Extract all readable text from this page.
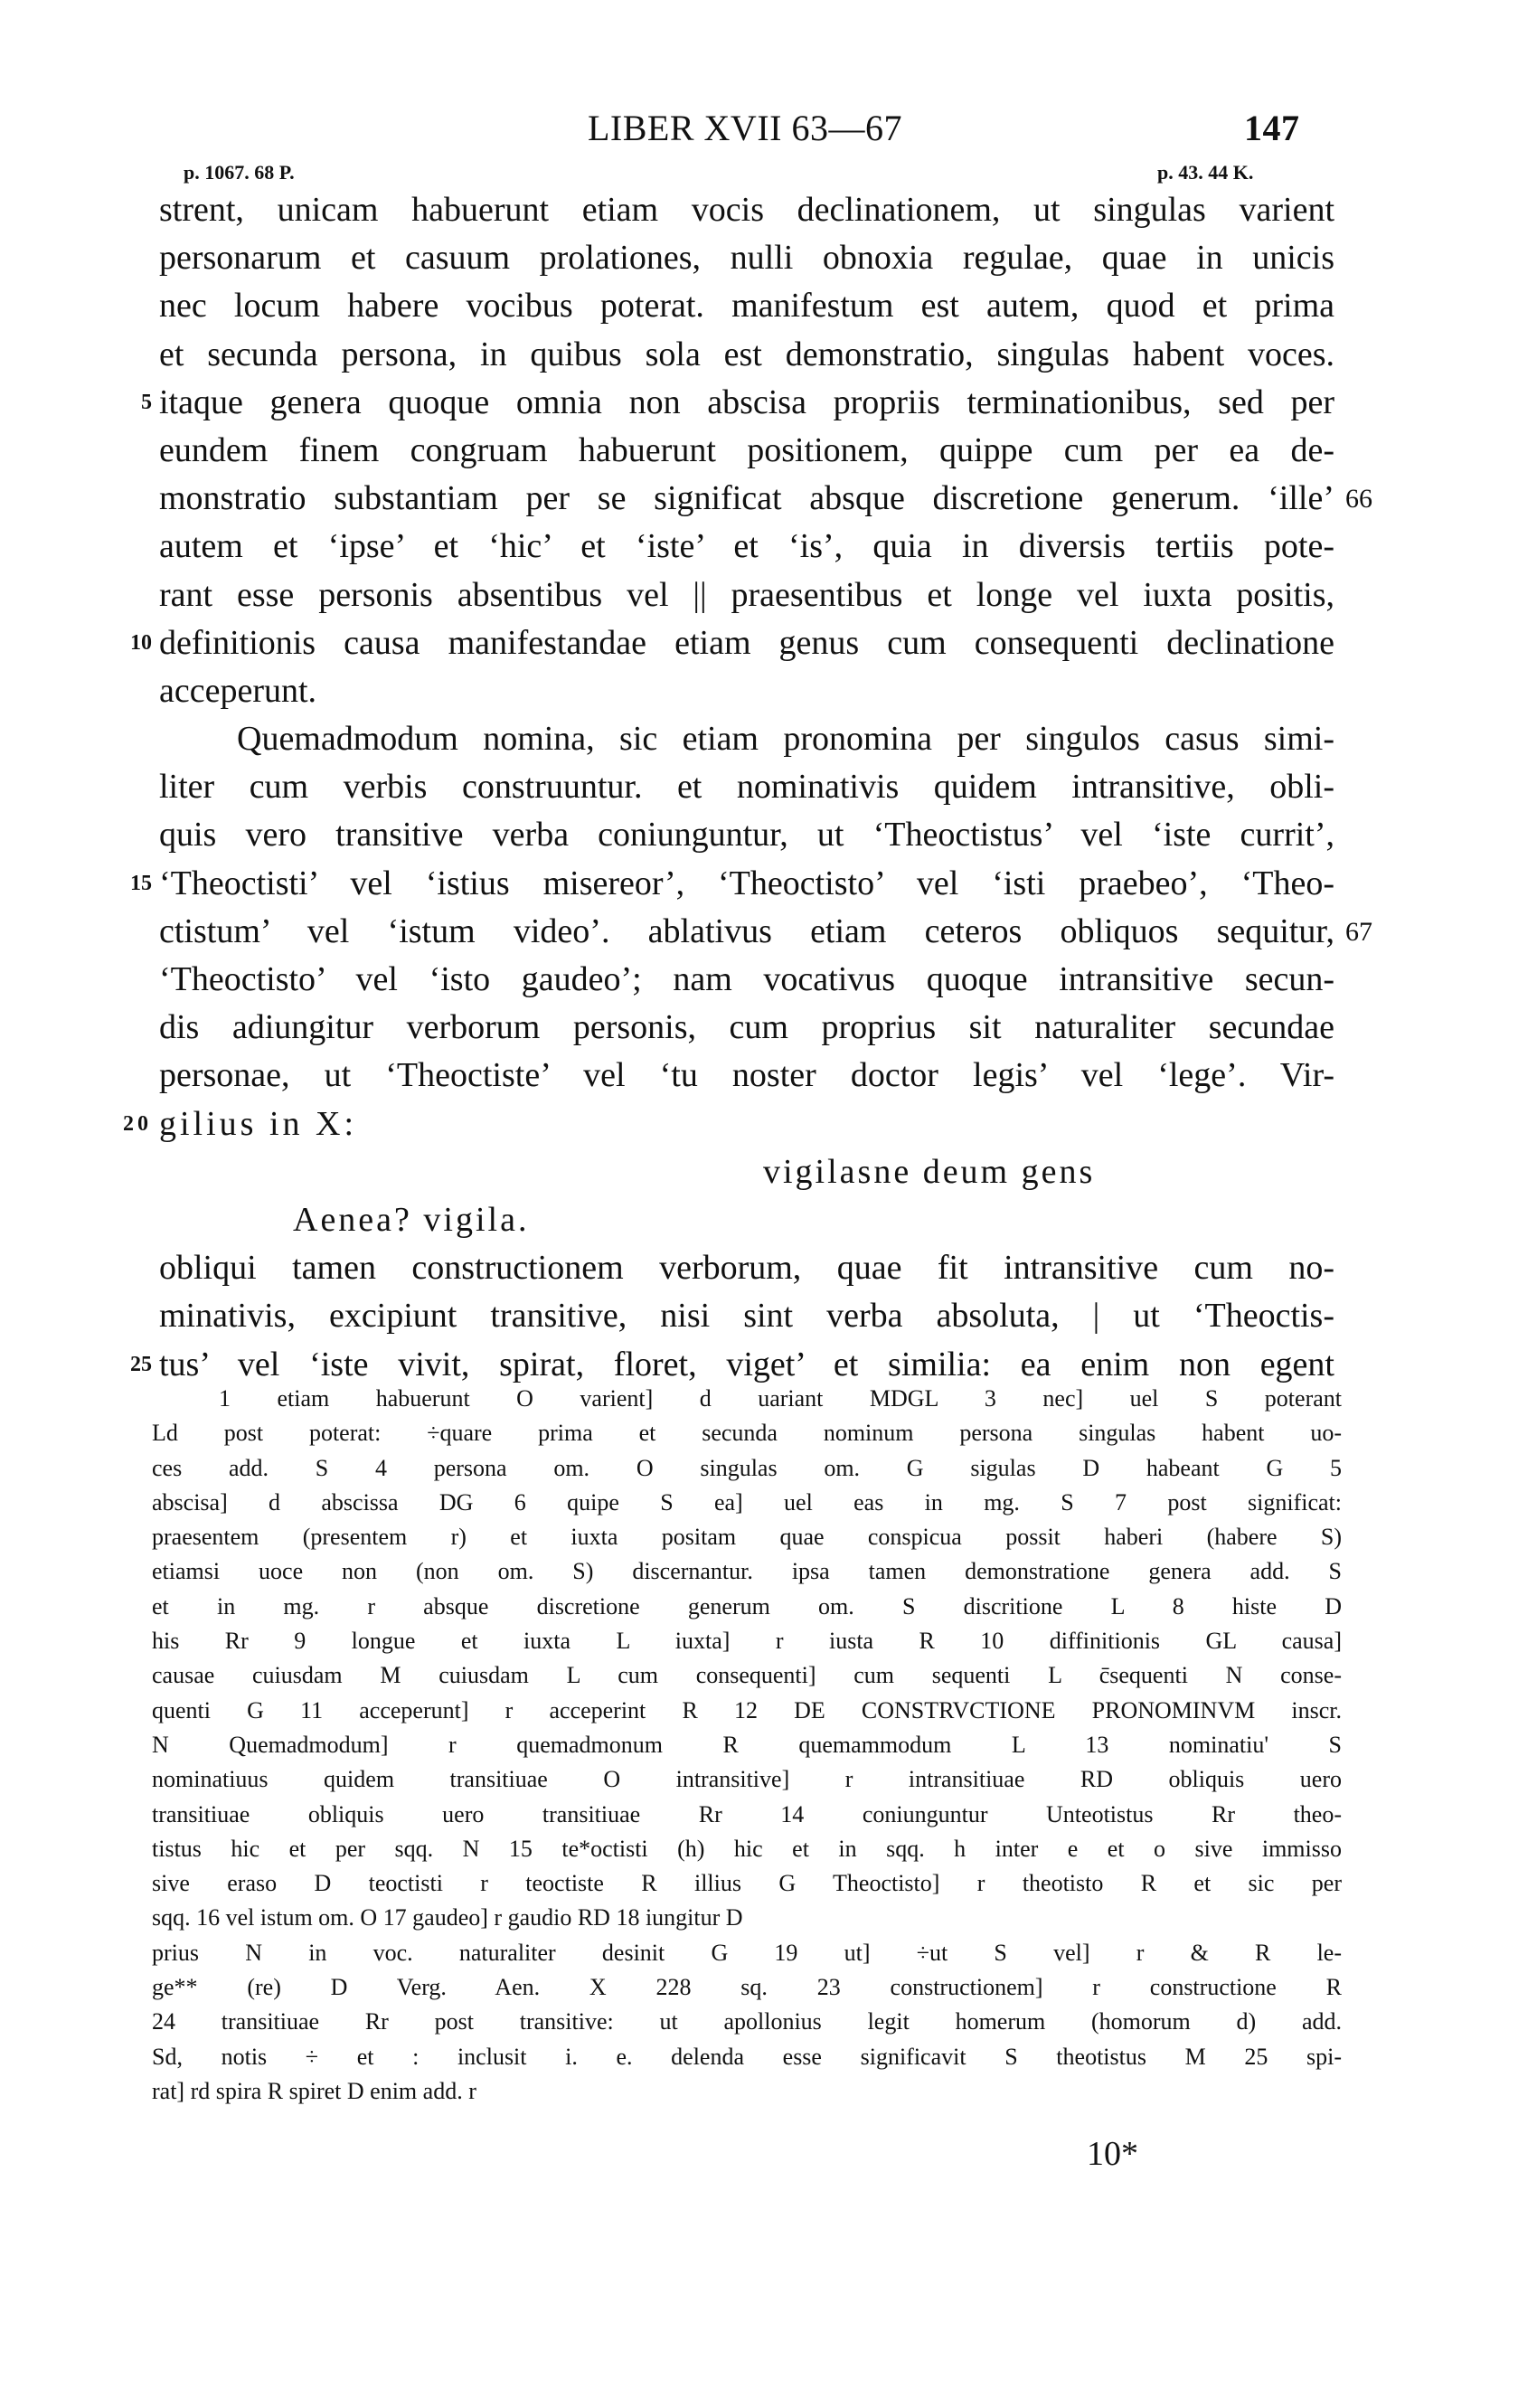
LIBER XVII 63—67	147
p. 1067. 68 P.	p. 43. 44 K.
strent, unicam habuerunt etiam vocis declinationem, ut singulas varient
personarum et casuum prolationes, nulli obnoxia regulae, quae in unicis
nec locum habere vocibus poterat. manifestum est autem, quod et prima
et secunda persona, in quibus sola est demonstratio, singulas habent voces.
5 itaque genera quoque omnia non abscisa propriis terminationibus, sed per
eundem finem congruam habuerunt positionem, quippe cum per ea de-
monstratio substantiam per se significat absque discretione generum. ‘ille’ 66
autem et ‘ipse’ et ‘hic’ et ‘iste’ et ‘is’, quia in diversis tertiis pote-
rant esse personis absentibus vel || praesentibus et longe vel iuxta positis,
10 definitionis causa manifestandae etiam genus cum consequenti declinatione
acceperunt.
Quemadmodum nomina, sic etiam pronomina per singulos casus simi-
liter cum verbis construuntur. et nominativis quidem intransitive, obli-
quis vero transitive verba coniunguntur, ut ‘Theoctistus’ vel ‘iste currit’,
15 ‘Theoctisti’ vel ‘istius misereor’, ‘Theoctisto’ vel ‘isti praebeo’, ‘Theo-
ctistum’ vel ‘istum video’. ablativus etiam ceteros obliquos sequitur, 67
‘Theoctisto’ vel ‘isto gaudeo’; nam vocativus quoque intransitive secun-
dis adiungitur verborum personis, cum proprius sit naturaliter secundae
personae, ut ‘Theoctiste’ vel ‘tu noster doctor legis’ vel ‘lege’. Vir-
20 gilius in X:
vigilasne deum gens
Aenea? vigila.
obliqui tamen constructionem verborum, quae fit intransitive cum no-
minativis, excipiunt transitive, nisi sint verba absoluta, | ut ‘Theoctis-
25 tus’ vel ‘iste vivit, spirat, floret, viget’ et similia: ea enim non egent
1 etiam habuerunt O varient] d uariant MDGL 3 nec] uel S poterant
Ld post poterat: ÷quare prima et secunda nominum persona singulas habent uo-
ces add. S 4 persona om. O singulas om. G sigulas D habeant G 5
abscisa] d abscissa DG 6 quipe S ea] uel eas in mg. S 7 post significat:
praesentem (presentem r) et iuxta positam quae conspicua possit haberi (habere S)
etiamsi uoce non (non om. S) discernantur. ipsa tamen demonstratione genera add. S
et in mg. r absque discretione generum om. S discritione L 8 histe D
his Rr 9 longue et iuxta L iuxta] r iusta R 10 diffinitionis GL causa]
causae cuiusdam M cuiusdam L cum consequenti] cum sequenti L c̄sequenti N conse-
quenti G 11 acceperunt] r acceperint R 12 DE CONSTRVCTIONE PRONOMINVM inscr.
N Quemadmodum] r quemadmonum R quemammodum L 13 nominatiu' S
nominatiuus quidem transitiuae O intransitive] r intransitiuae RD obliquis uero
transitiuae obliquis uero transitiuae Rr 14 coniunguntur Unteotistus Rr theo-
tistus hic et per sqq. N 15 te*octisti (h) hic et in sqq. h inter e et o sive immisso
sive eraso D teoctisti r teoctiste R illius G Theoctisto] r theotisto R et sic per
sqq. 16 vel istum om. O 17 gaudeo] r gaudio RD 18 iungitur D
prius N in voc. naturaliter desinit G 19 ut] ÷ut S vel] r & R le-
ge** (re) D Verg. Aen. X 228 sq. 23 constructionem] r constructione R
24 transitiuae Rr post transitive: ut apollonius legit homerum (homorum d) add.
Sd, notis ÷ et : inclusit i. e. delenda esse significavit S theotistus M 25 spi-
rat] rd spira R spiret D enim add. r
10*
